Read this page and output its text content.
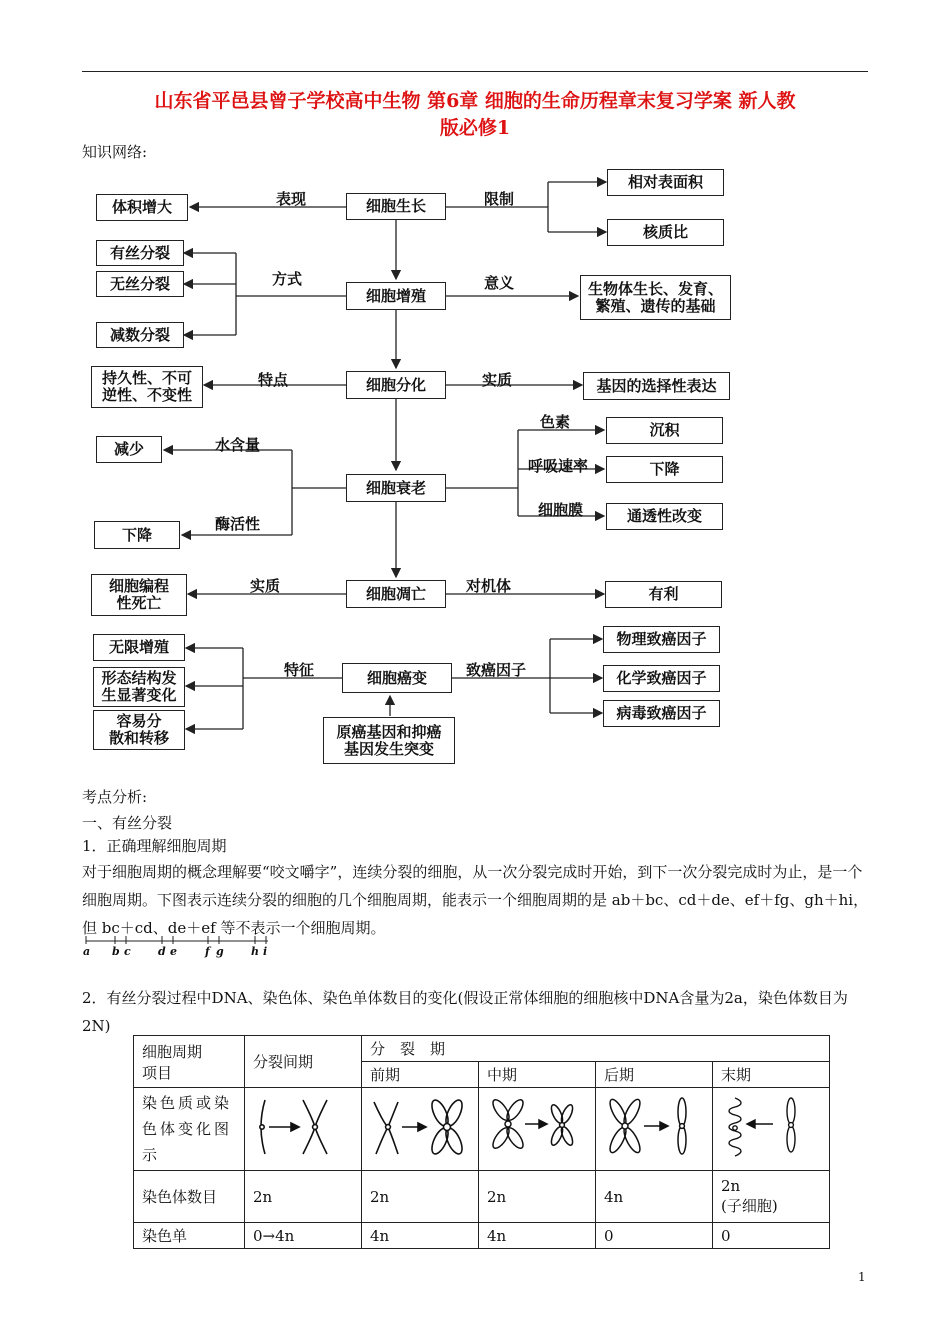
山东省平邑县曾子学校高中生物 第6章 细胞的生命历程章末复习学案 新人教
版必修1
知识网络:
细胞生长
表现
体积增大	限制
相对表面积
核质比
细胞增殖
方式
有丝分裂
无丝分裂
减数分裂
意义	生物体生长、发育、
繁殖、遗传的基础
细胞分化
特点
持久性、不可
逆性、不变性
实质	基因的选择性表达
细胞衰老
水含量
酶活性
减少
下降
色素
呼吸速率
细胞膜
沉积
下降
通透性改变
细胞凋亡
实质
细胞编程
性死亡
对机体	有利
细胞癌变
特征
无限增殖
形态结构发
生显著变化
容易分
散和转移
致癌因子
物理致癌因子
化学致癌因子
病毒致癌因子
原癌基因和抑癌
基因发生突变
考点分析:
一、有丝分裂
1．正确理解细胞周期
对于细胞周期的概念理解要“咬文嚼字”，连续分裂的细胞，从一次分裂完成时开始，到下一次分裂完成时为止，是一个细胞周期。下图表示连续分裂的细胞的几个细胞周期，能表示一个细胞周期的是 ab＋bc、cd＋de、ef＋fg、gh＋hi，但 bc＋cd、de＋ef 等不表示一个细胞周期。
a b c d e	f g h i
2．有丝分裂过程中DNA、染色体、染色单体数目的变化(假设正常体细胞的细胞核中DNA含量为2a，染色体数目为2N)
细胞周期
项目	分裂间期	分　裂　期			
		前期	中期	后期	末期
染色质或染色体变化图示					
染色体数目	2n	2n	2n	4n	2n
(子细胞)

染色单	0→4n	4n	4n	0	0
1
